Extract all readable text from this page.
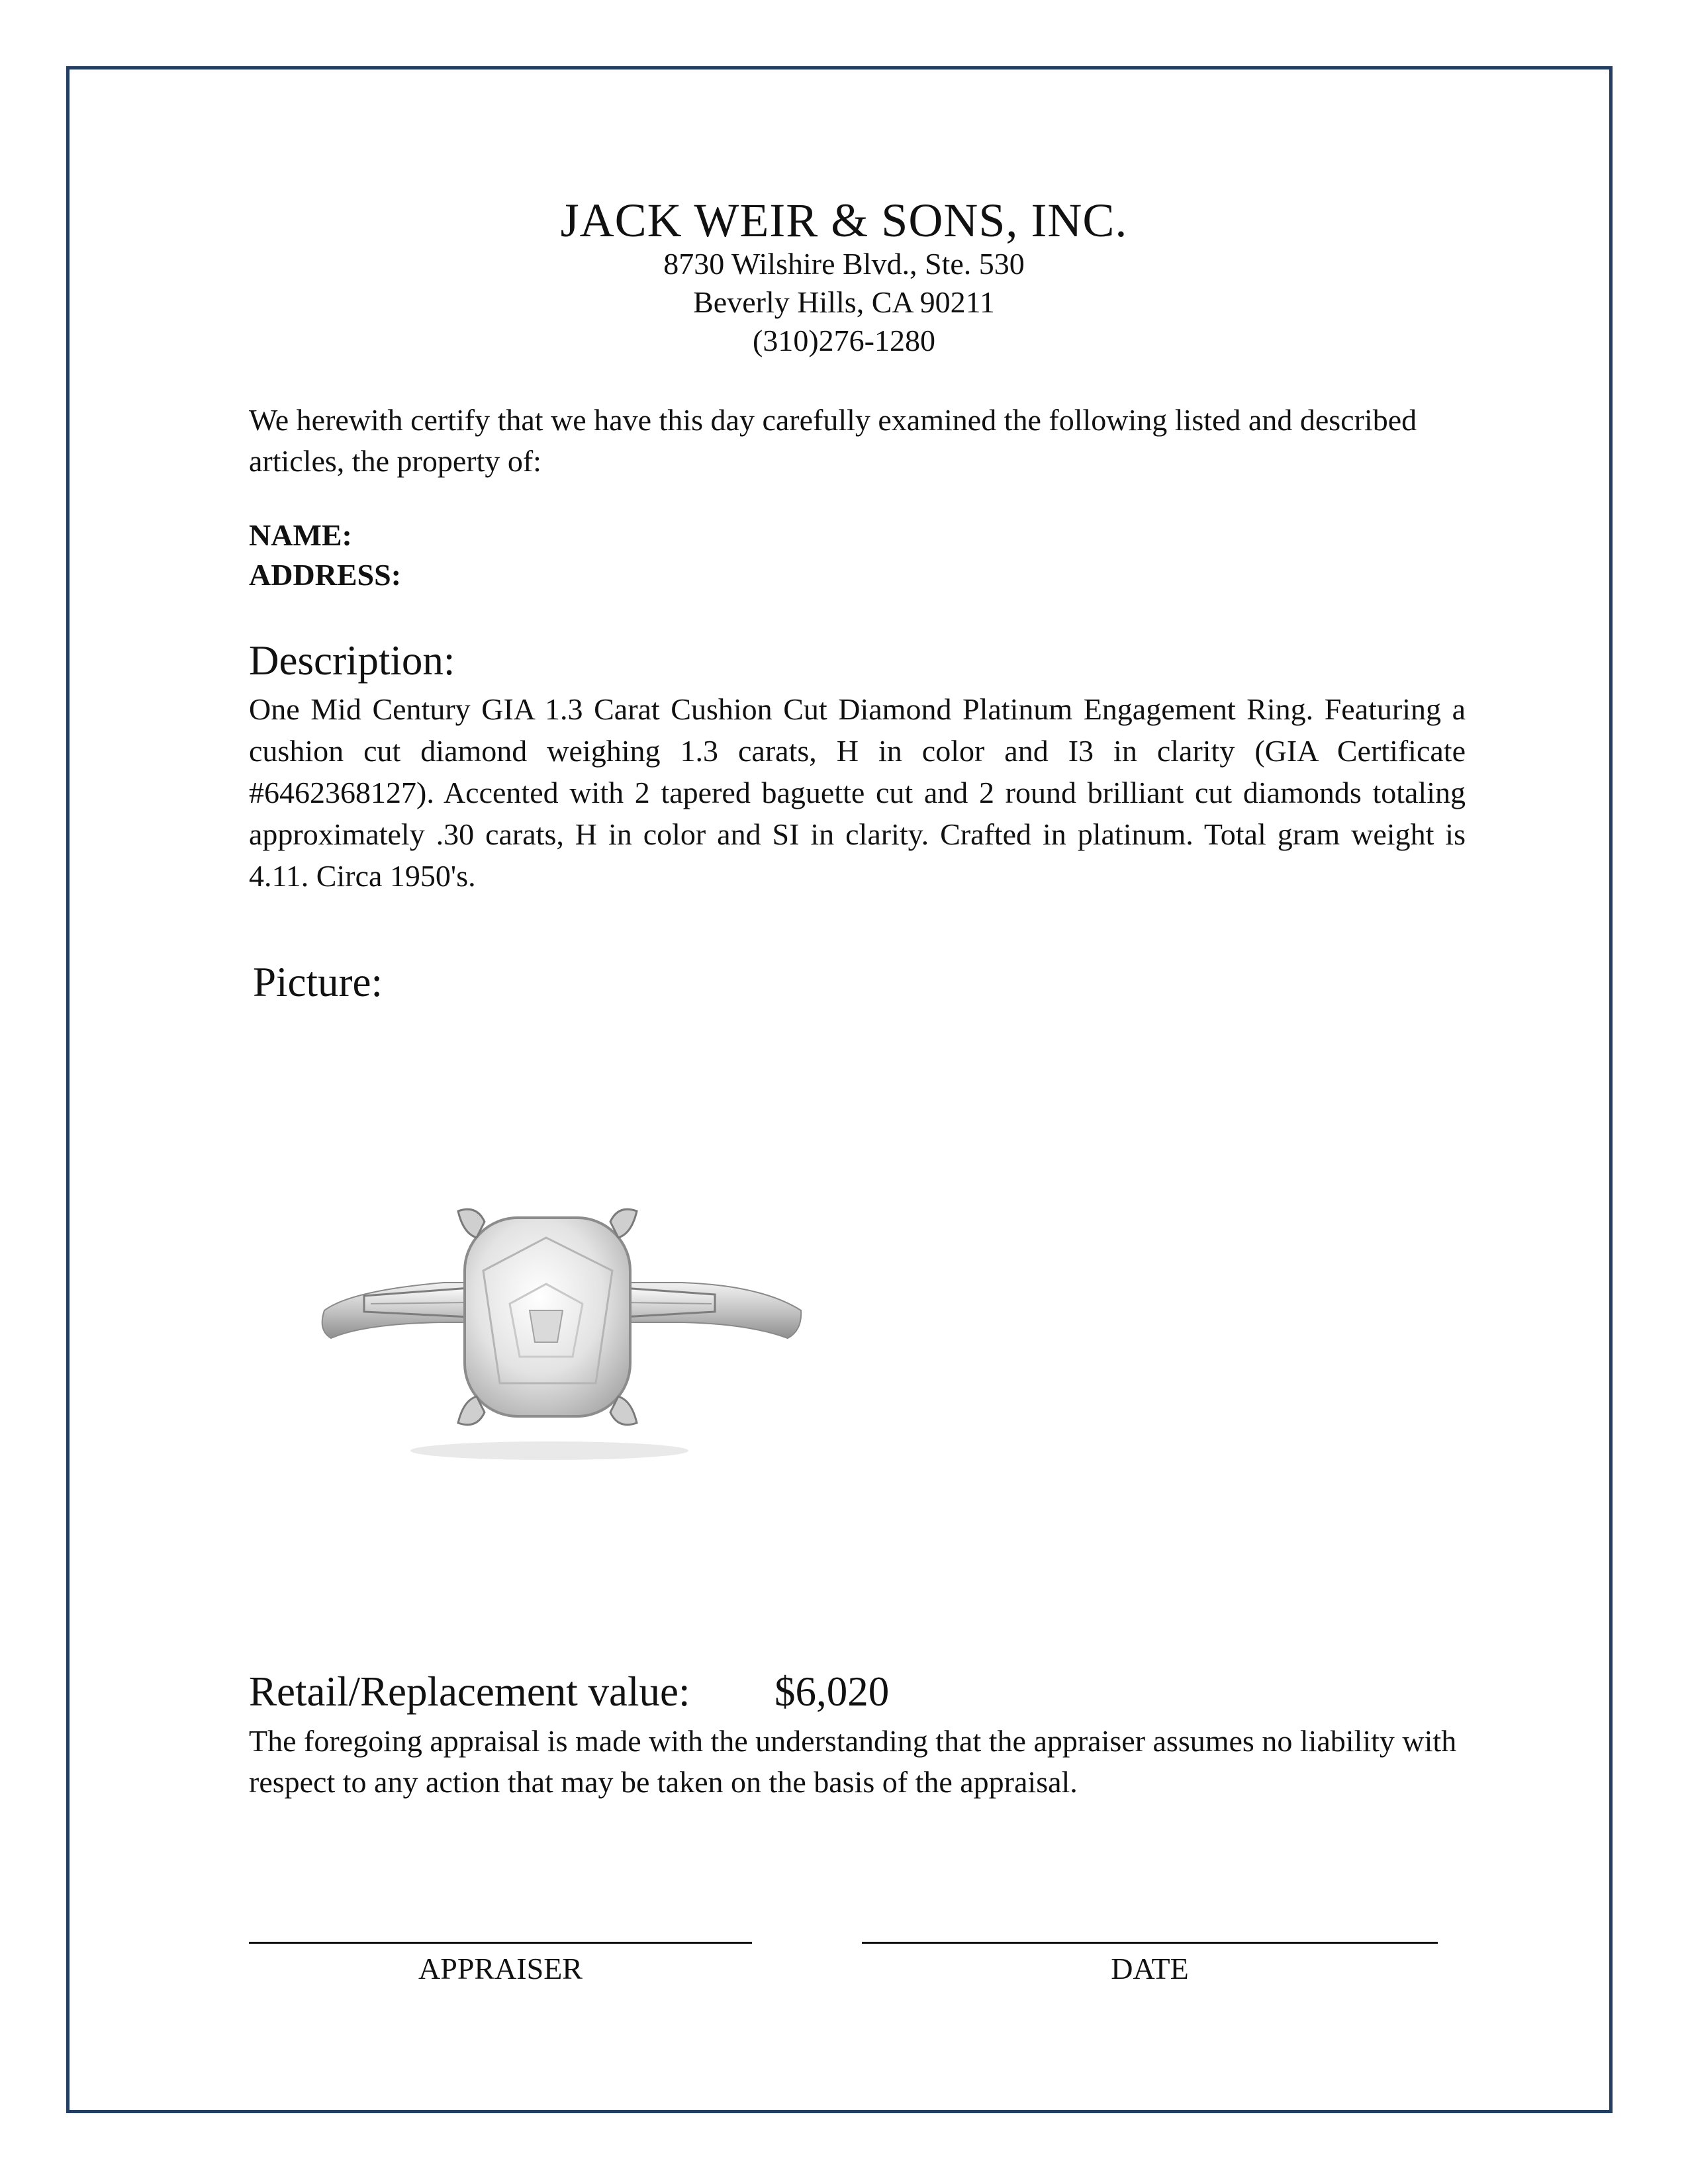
JACK WEIR & SONS, INC.
8730 Wilshire Blvd., Ste. 530
Beverly Hills, CA 90211
(310)276-1280
We herewith certify that we have this day carefully examined the following listed and described articles, the property of:
NAME:
ADDRESS:
Description:
One Mid Century GIA 1.3 Carat Cushion Cut Diamond Platinum Engagement Ring. Featuring a cushion cut diamond weighing 1.3 carats, H in color and I3 in clarity (GIA Certificate #6462368127). Accented with 2 tapered baguette cut and 2 round brilliant cut diamonds totaling approximately .30 carats, H in color and SI in clarity. Crafted in platinum. Total gram weight is 4.11. Circa 1950's.
Picture:
Retail/Replacement value: $6,020
The foregoing appraisal is made with the understanding that the appraiser assumes no liability with respect to any action that may be taken on the basis of the appraisal.
APPRAISER	DATE
